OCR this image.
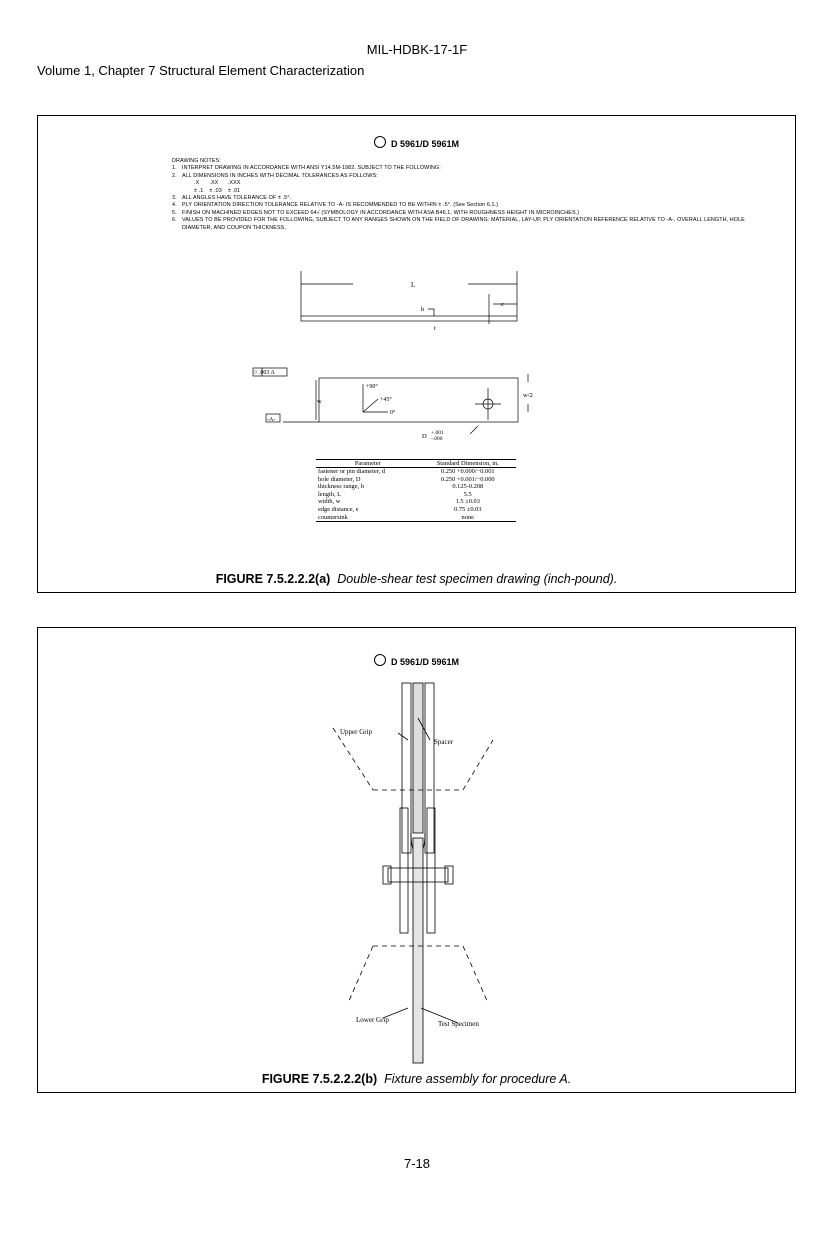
MIL-HDBK-17-1F
Volume 1, Chapter 7 Structural Element Characterization
D 5961/D 5961M
DRAWING NOTES:
1. INTERPRET DRAWING IN ACCORDANCE WITH ANSI Y14.5M-1982, SUBJECT TO THE FOLLOWING:
2. ALL DIMENSIONS IN INCHES WITH DECIMAL TOLERANCES AS FOLLOWS:
.X
± .1
.XX
± .03
.XXX
± .01
3. ALL ANGLES HAVE TOLERANCE OF ± .5°.
4. PLY ORIENTATION DIRECTION TOLERANCE RELATIVE TO -A- IS RECOMMENDED TO BE WITHIN ± .5°. (See Section 6.1.)
5. FINISH ON MACHINED EDGES NOT TO EXCEED 64√ (SYMBOLOGY IN ACCORDANCE WITH ASA B46.1, WITH ROUGHNESS HEIGHT IN MICROINCHES.)
6. VALUES TO BE PROVIDED FOR THE FOLLOWING, SUBJECT TO ANY RANGES SHOWN ON THE FIELD OF DRAWING: MATERIAL, LAY-UP, PLY ORIENTATION REFERENCE RELATIVE TO -A-, OVERALL LENGTH, HOLE DIAMETER, AND COUPON THICKNESS.
L
h
e
t
// .003 A
-A-
w
w/2
+90°
+45°
0°
D +.001
-.000
Parameter	Standard Dimension, in.
fastener or pin diameter, d	0.250 +0.000/−0.001
hole diameter, D	0.250 +0.001/−0.000
thickness range, h	0.125-0.208
length, L	5.5
width, w	1.5 ±0.03
edge distance, e	0.75 ±0.03
countersink	none
FIGURE 7.5.2.2.2(a) Double-shear test specimen drawing (inch-pound).
D 5961/D 5961M
Upper Grip
Spacer
Lower Grip	Test Specimen
FIGURE 7.5.2.2.2(b) Fixture assembly for procedure A.
7-18
